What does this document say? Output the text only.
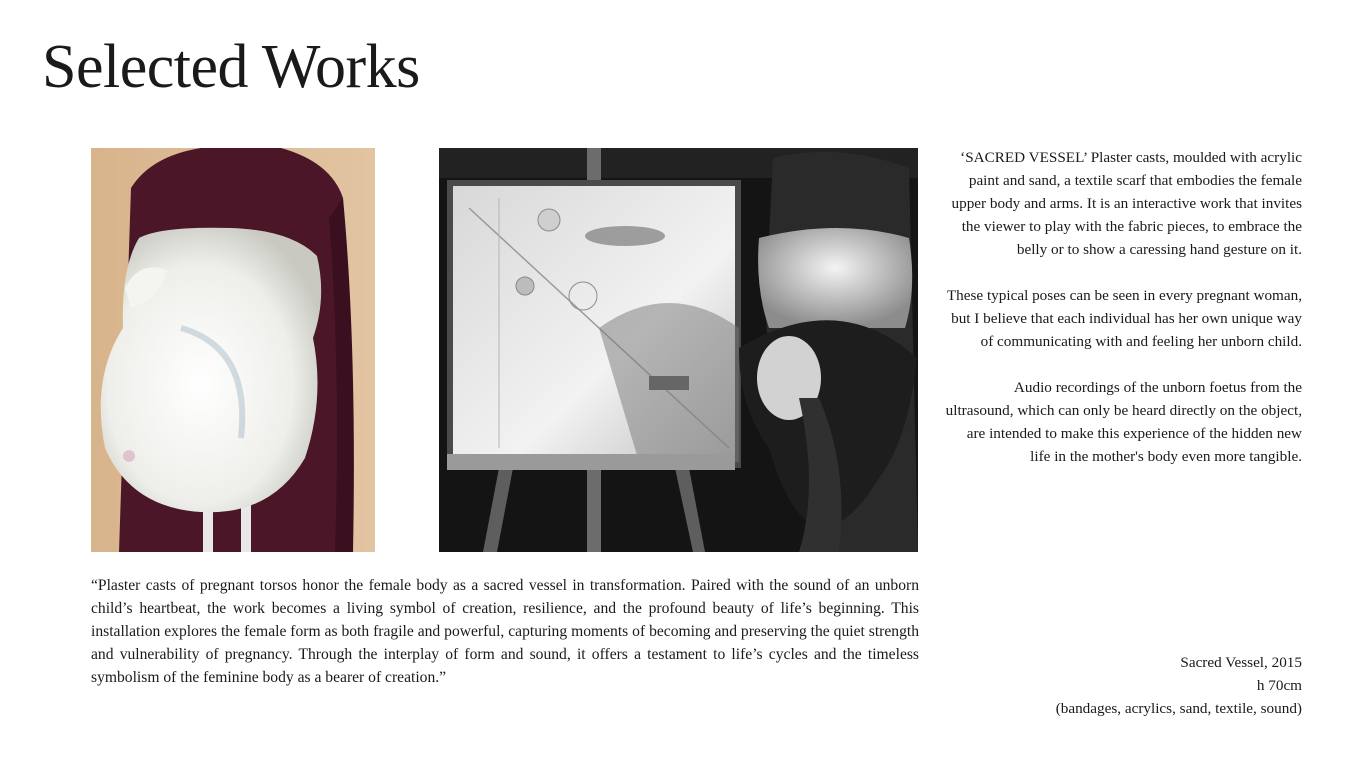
Selected Works

‘SACRED VESSEL’ Plaster casts, moulded with acrylic paint and sand, a textile scarf that embodies the female upper body and arms. It is an interactive work that invites the viewer to play with the fabric pieces, to embrace the belly or to show a caressing hand gesture on it.

These typical poses can be seen in every pregnant woman, but I believe that each individual has her own unique way of communicating with and feeling her unborn child.

Audio recordings of the unborn foetus from the ultrasound, which can only be heard directly on the object, are intended to make this experience of the hidden new life in the mother's body even more tangible.

Sacred Vessel, 2015
h 70cm
(bandages, acrylics, sand, textile, sound)

“Plaster casts of pregnant torsos honor the female body as a sacred vessel in transformation. Paired with the sound of an unborn child’s heartbeat, the work becomes a living symbol of creation, resilience, and the profound beauty of life’s beginning. This installation explores the female form as both fragile and powerful, capturing moments of becoming and preserving the quiet strength and vulnerability of pregnancy. Through the interplay of form and sound, it offers a testament to life’s cycles and the timeless symbolism of the feminine body as a bearer of creation.”
